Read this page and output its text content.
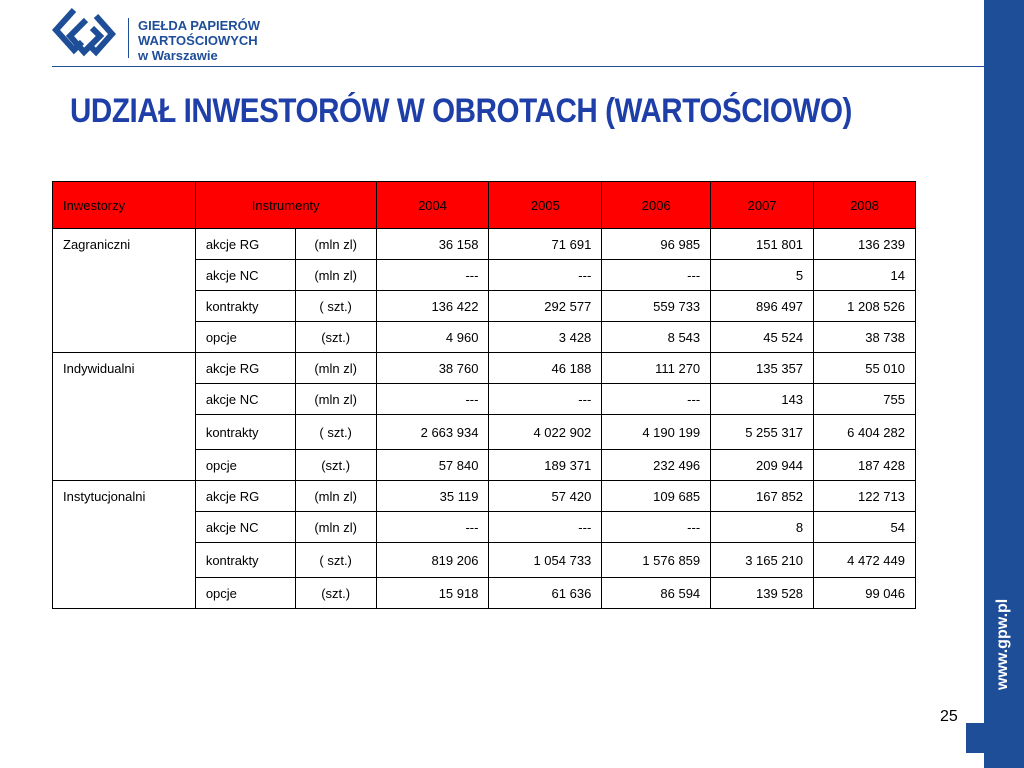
GIEŁDA PAPIERÓW
WARTOŚCIOWYCH
w Warszawie
UDZIAŁ INWESTORÓW W OBROTACH (WARTOŚCIOWO)
www.gpw.pl
25
Inwestorzy	Instrumenty		2004	2005	2006	2007	2008
Zagraniczni	akcje RG	(mln zl)	36 158	71 691	96 985	151 801	136 239
	akcje NC	(mln zl)	---	---	---	5	14
	kontrakty	( szt.)	136 422	292 577	559 733	896 497	1 208 526
	opcje	(szt.)	4 960	3 428	8 543	45 524	38 738
Indywidualni	akcje RG	(mln zl)	38 760	46 188	111 270	135 357	55 010
	akcje NC	(mln zl)	---	---	---	143	755
	kontrakty	( szt.)	2 663 934	4 022 902	4 190 199	5 255 317	6 404 282
	opcje	(szt.)	57 840	189 371	232 496	209 944	187 428
Instytucjonalni	akcje RG	(mln zl)	35 119	57 420	109 685	167 852	122 713
	akcje NC	(mln zl)	---	---	---	8	54
	kontrakty	( szt.)	819 206	1 054 733	1 576 859	3 165 210	4 472 449
	opcje	(szt.)	15 918	61 636	86 594	139 528	99 046
